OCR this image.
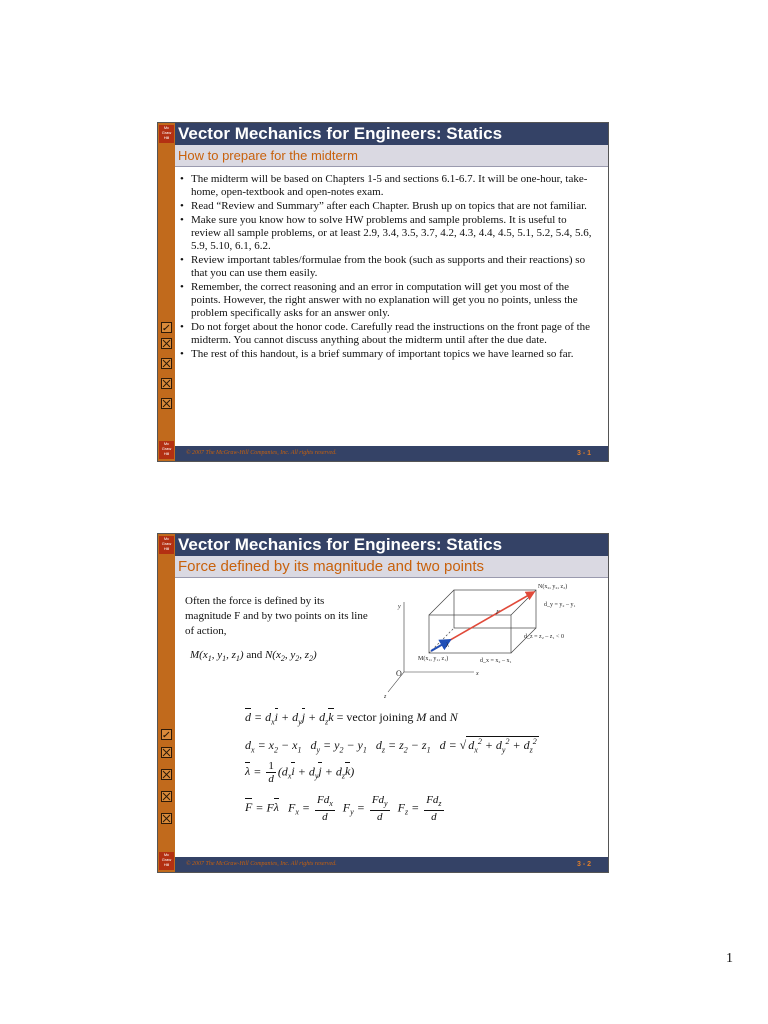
Mc Graw Hill
Mc Graw Hill
Vector Mechanics for Engineers: Statics
How to prepare for the midterm
• The midterm will be based on Chapters 1-5 and sections 6.1-6.7. It will be one-hour, take-home, open-textbook and open-notes exam.
• Read “Review and Summary” after each Chapter. Brush up on topics that are not familiar.
• Make sure you know how to solve HW problems and sample problems. It is useful to review all sample problems, or at least 2.9, 3.4, 3.5, 3.7, 4.2, 4.3, 4.4, 4.5, 5.1, 5.2, 5.4, 5.6, 5.9, 5.10, 6.1, 6.2.
• Review important tables/formulae from the book (such as supports and their reactions) so that you can use them easily.
• Remember, the correct reasoning and an error in computation will get you most of the points. However, the right answer with no explanation will get you no points, unless the problem specifically asks for an answer only.
• Do not forget about the honor code. Carefully read the instructions on the front page of the midterm. You cannot discuss anything about the midterm until after the due date.
• The rest of this handout, is a brief summary of important topics we have learned so far.
© 2007 The McGraw-Hill Companies, Inc. All rights reserved.	3 - 1
Mc Graw Hill
Mc Graw Hill
Vector Mechanics for Engineers: Statics
Force defined by its magnitude and two points
Often the force is defined by its magnitude F and by two points on its line of action,
$M(x_1$, $y_1$, $z_1$) and $N(x_2$, $y_2$, $z_2$)
N(x₂, y₂, z₂)
d_y = y₂ – y₁
d_z = z₂ – z₁ < 0
M(x₁, y₁, z₁)	d_x = x₂ – x₁
λ
F
O	x
y
z
$d = d_xi + d_yj + d_zk$ = vector joining M and N
$d_x = x_2 - x_1$   $d_y = y_2 - y_1$   $d_z = z_2 - z_1$   d = √ $d_x^2 + d_y^2 + d_z^2$
$\lambda = \frac{1}{d} (d_xi + d_yj + d_zk)$
F = Fλ   $F_x = \frac{Fd_x}{d} F_y = \frac{Fd_y}{d} F_z = \frac{Fd_z}{d}$
© 2007 The McGraw-Hill Companies, Inc. All rights reserved.	3 - 2
1
